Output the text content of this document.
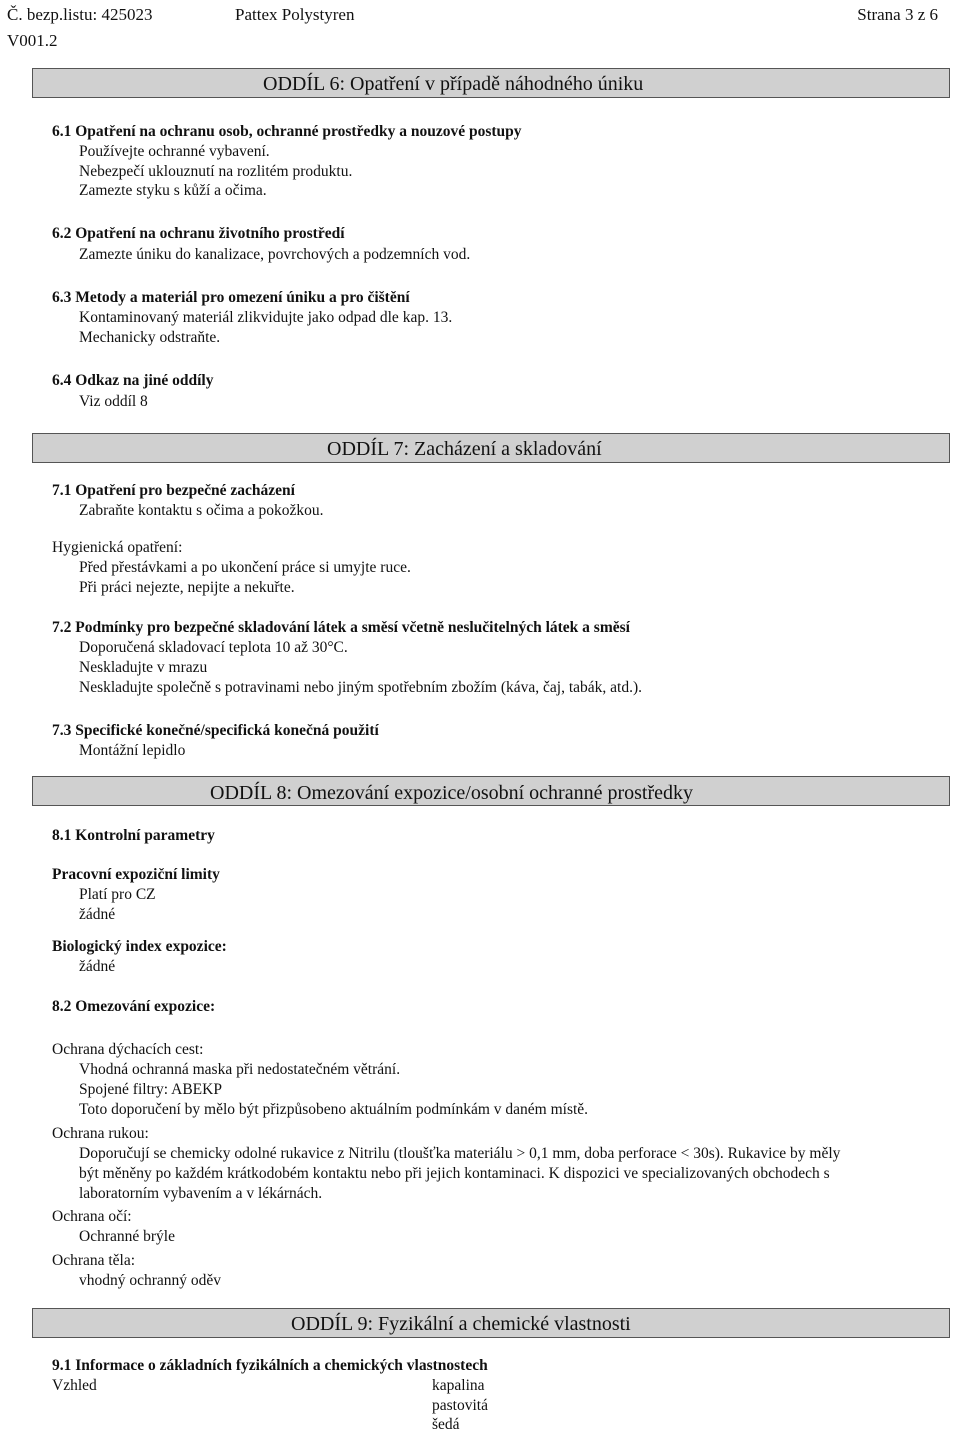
Č. bezp.listu: 425023	Pattex Polystyren	Strana 3 z 6
V001.2
ODDÍL 6: Opatření v případě náhodného úniku
6.1 Opatření na ochranu osob, ochranné prostředky a nouzové postupy
Používejte ochranné vybavení.
Nebezpečí uklouznutí na rozlitém produktu.
Zamezte styku s kůží a očima.
6.2 Opatření na ochranu životního prostředí
Zamezte úniku do kanalizace, povrchových a podzemních vod.
6.3 Metody a materiál pro omezení úniku a pro čištění
Kontaminovaný materiál zlikvidujte jako odpad dle kap. 13.
Mechanicky odstraňte.
6.4 Odkaz na jiné oddíly
Viz oddíl 8
ODDÍL 7: Zacházení a skladování
7.1 Opatření pro bezpečné zacházení
Zabraňte kontaktu s očima a pokožkou.
Hygienická opatření:
Před přestávkami a po ukončení práce si umyjte ruce.
Při práci nejezte, nepijte a nekuřte.
7.2 Podmínky pro bezpečné skladování látek a směsí včetně neslučitelných látek a směsí
Doporučená skladovací teplota 10 až 30°C.
Neskladujte v mrazu
Neskladujte společně s potravinami nebo jiným spotřebním zbožím (káva, čaj, tabák, atd.).
7.3 Specifické konečné/specifická konečná použití
Montážní lepidlo
ODDÍL 8: Omezování expozice/osobní ochranné prostředky
8.1 Kontrolní parametry
Pracovní expoziční limity
Platí pro CZ
žádné
Biologický index expozice:
žádné
8.2 Omezování expozice:
Ochrana dýchacích cest:
Vhodná ochranná maska při nedostatečném větrání.
Spojené filtry: ABEKP
Toto doporučení by mělo být přizpůsobeno aktuálním podmínkám v daném místě.
Ochrana rukou:
Doporučují se chemicky odolné rukavice z Nitrilu (tloušťka materiálu > 0,1 mm, doba perforace < 30s). Rukavice by měly
být měněny po každém krátkodobém kontaktu nebo při jejich kontaminaci. K dispozici ve specializovaných obchodech s
laboratorním vybavením a v lékárnách.
Ochrana očí:
Ochranné brýle
Ochrana těla:
vhodný ochranný oděv
ODDÍL 9: Fyzikální a chemické vlastnosti
9.1 Informace o základních fyzikálních a chemických vlastnostech
Vzhled	kapalina
pastovitá
šedá
